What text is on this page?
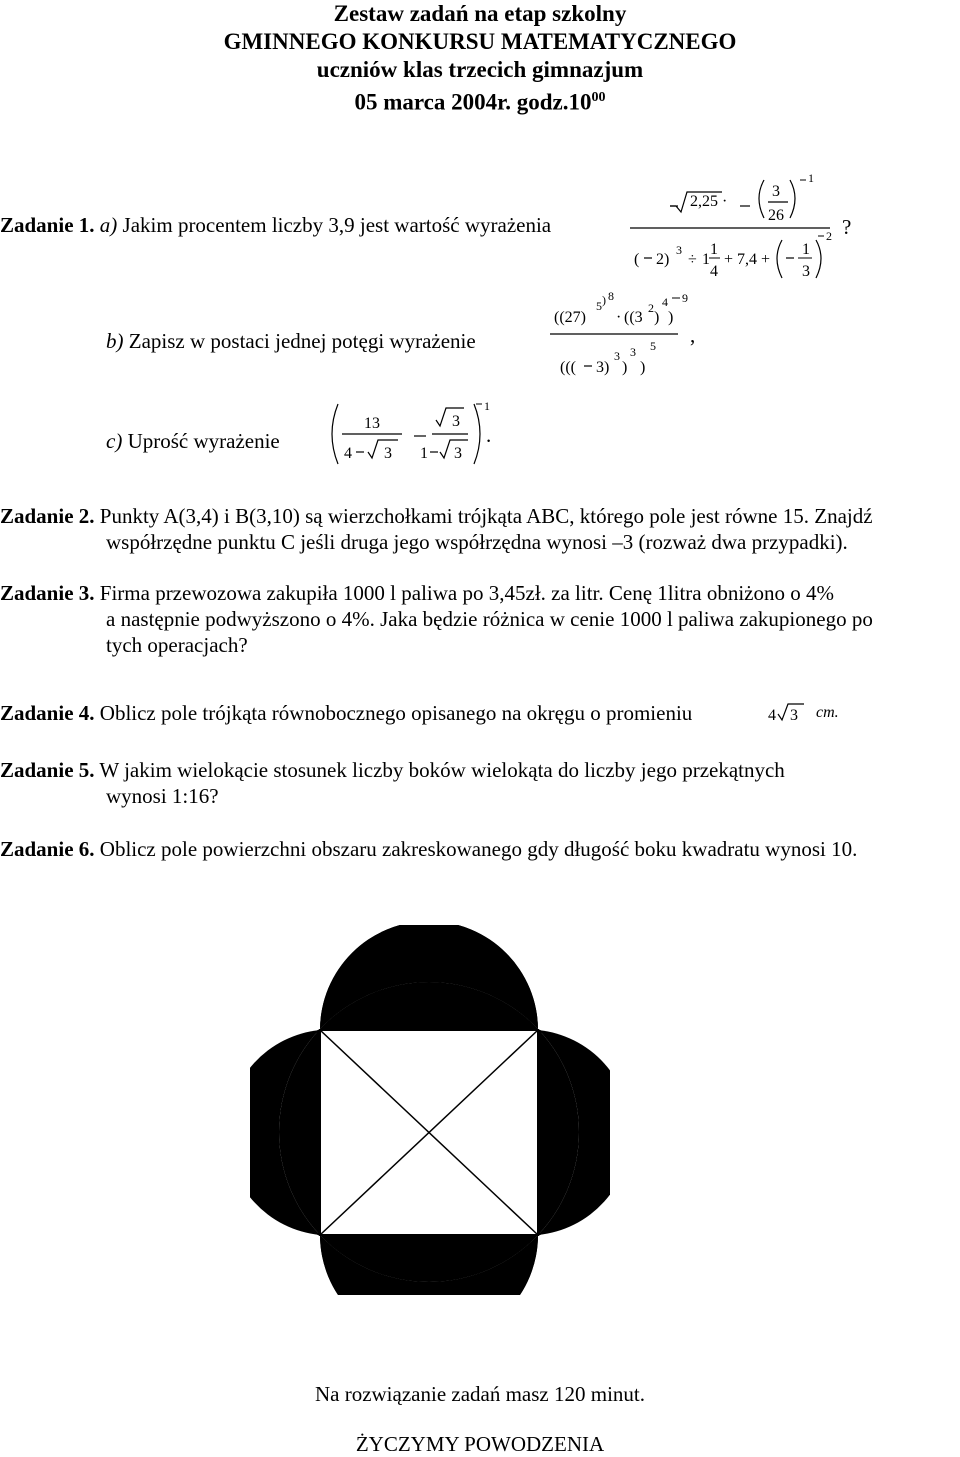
Zestaw zadań na etap szkolny
GMINNEGO KONKURSU MATEMATYCZNEGO
uczniów klas trzecich gimnazjum
05 marca 2004r. $godz.10^{00}$
Zadanie 1. a) Jakim procentem liczby 3,9 jest wartość wyrażenia
2,25 ·
3
26
1
( 2)
3
÷ 1
1
4
+ 7,4 +
1
3
2 ?
b) Zapisz w postaci jednej potęgi wyrażenie
((27)
5 ) 8
· ((3
2
)
4
)
9
((( 3)
3
)
3
)
5 ,
c) Uprość wyrażenie
13
4 3
3
1 3
1
.
Zadanie 2. Punkty A(3,4) i B(3,10) są wierzchołkami trójkąta ABC, którego pole jest równe 15. Znajdź
współrzędne punktu C jeśli druga jego współrzędna wynosi –3 (rozważ dwa przypadki).
Zadanie 3. Firma przewozowa zakupiła 1000 l paliwa po 3,45zł. za litr. Cenę 1litra obniżono o 4%
a następnie podwyższono o 4%. Jaka będzie różnica w cenie 1000 l paliwa zakupionego po
tych operacjach?
Zadanie 4. Oblicz pole trójkąta równobocznego opisanego na okręgu o promieniu	4 3 cm.
Zadanie 5. W jakim wielokącie stosunek liczby boków wielokąta do liczby jego przekątnych
wynosi 1:16?
Zadanie 6. Oblicz pole powierzchni obszaru zakreskowanego gdy długość boku kwadratu wynosi 10.
Na rozwiązanie zadań masz 120 minut.
ŻYCZYMY POWODZENIA
